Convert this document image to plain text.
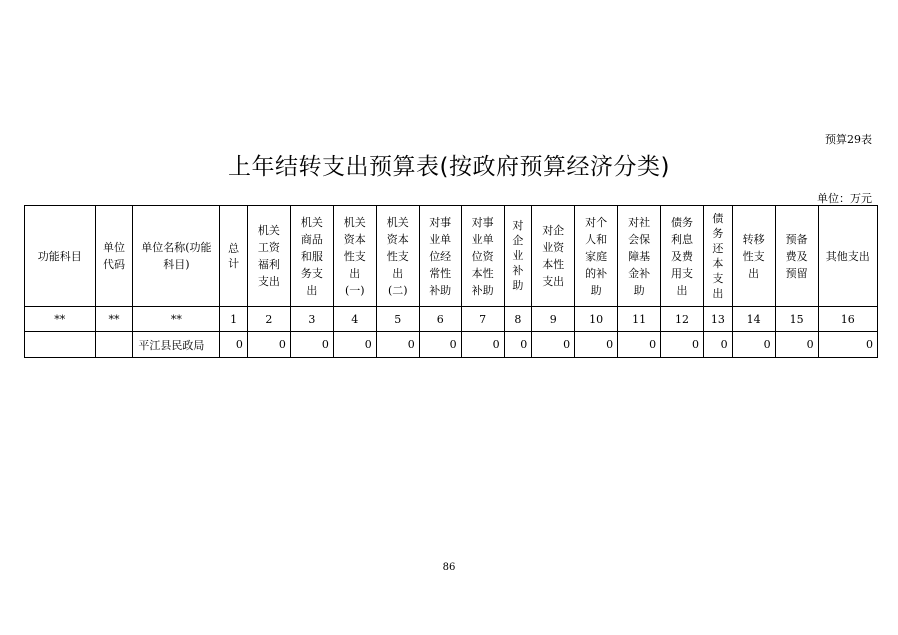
预算29表
上年结转支出预算表(按政府预算经济分类)
单位：万元
功能科目	单位代码	单位名称(功能科目)	总计	机关工资福利支出	机关商品和服务支出	机关资本性支出(一)	机关资本性支出(二)	对事业单位经常性补助	对事业单位资本性补助	对企业补助	对企业资本性支出	对个人和家庭的补助	对社会保障基金补助	债务利息及费用支出	债务还本支出	转移性支出	预备费及预留	其他支出
**	**	**	1	2	3	4	5	6	7	8	9	10	11	12	13	14	15	16
		平江县民政局	0	0	0	0	0	0	0	0	0	0	0	0	0	0	0	0
86
